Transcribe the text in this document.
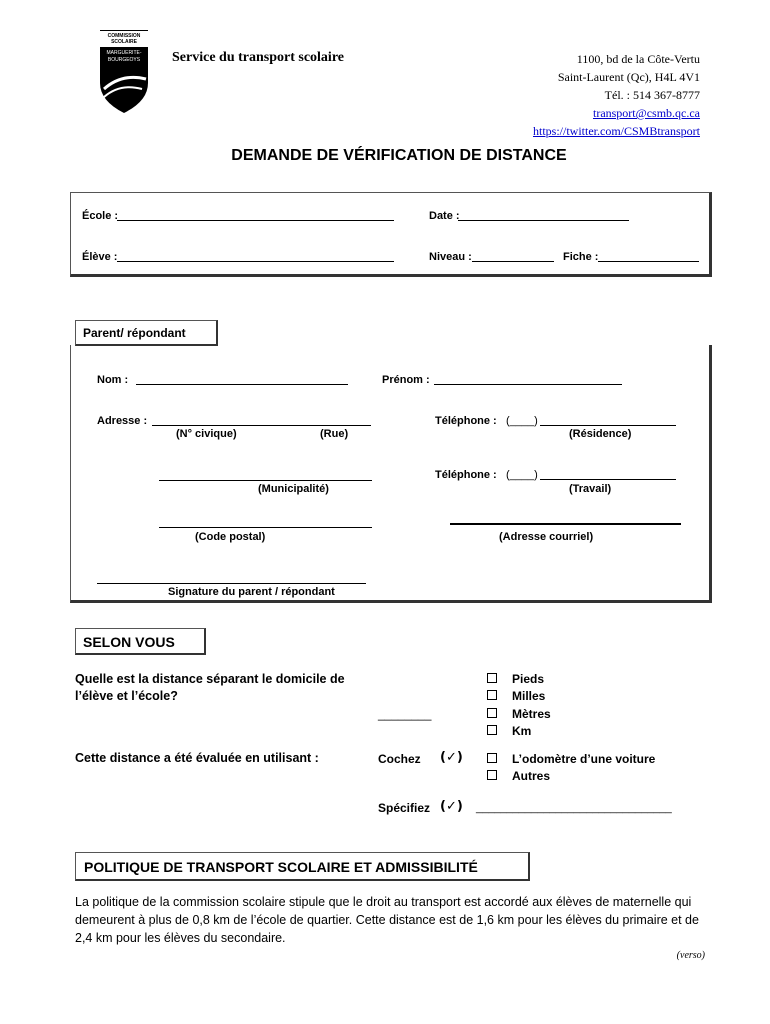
COMMISSION
SCOLAIRE
MARGUERITE-
BOURGEOYS	Service du transport scolaire	1100, bd de la Côte-Vertu
Saint-Laurent (Qc), H4L 4V1
Tél. : 514 367-8777
transport@csmb.qc.ca
https://twitter.com/CSMBtransport
DEMANDE DE VÉRIFICATION DE DISTANCE
École :	Date :
Élève :	Niveau :	Fiche :
Parent/ répondant
Nom :	Prénom :
Adresse :
(N° civique)	(Rue)
Téléphone : (____)
(Résidence)
(Municipalité)
Téléphone : (____)
(Travail)
(Code postal)	(Adresse courriel)
Signature du parent / répondant
SELON VOUS
Quelle est la distance séparant le domicile de l’élève et l’école?
Pieds
Milles
________	Mètres
Km
Cette distance a été évaluée en utilisant :	Cochez (✓)	L’odomètre d’une voiture
Autres
Spécifiez (✓) ________________________________
POLITIQUE DE TRANSPORT SCOLAIRE ET ADMISSIBILITÉ
La politique de la commission scolaire stipule que le droit au transport est accordé aux élèves de maternelle qui demeurent à plus de 0,8 km de l’école de quartier. Cette distance est de 1,6 km pour les élèves du primaire et de 2,4 km pour les élèves du secondaire.
(verso)
